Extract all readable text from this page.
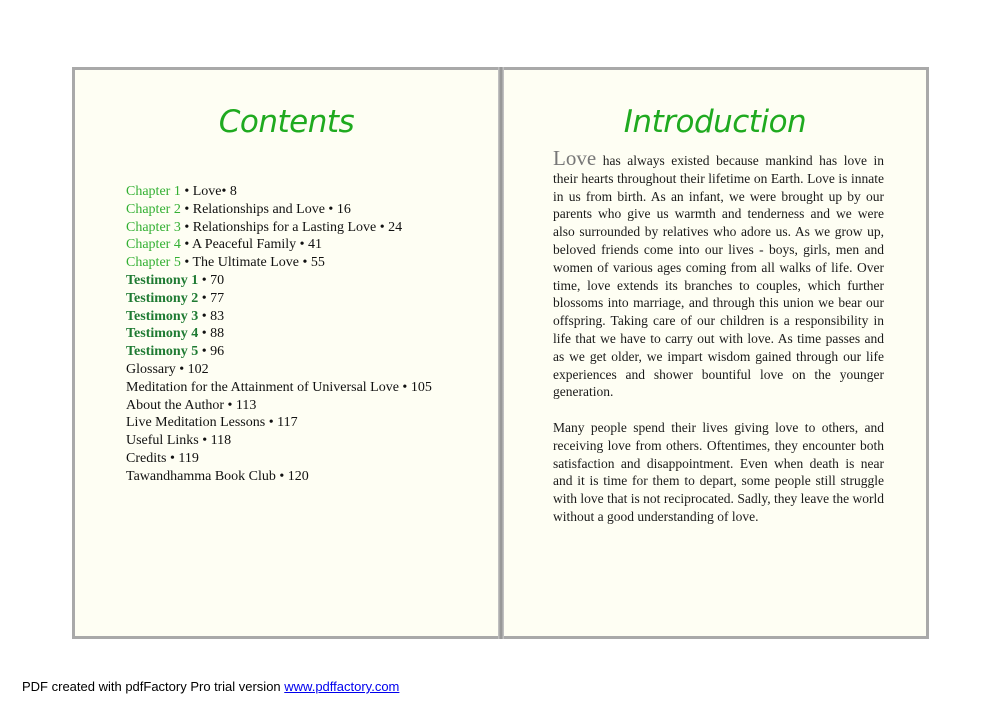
Contents
Chapter 1 • Love• 8
Chapter 2 • Relationships and Love • 16
Chapter 3 • Relationships for a Lasting Love • 24
Chapter 4 • A Peaceful Family • 41
Chapter 5 • The Ultimate Love • 55
Testimony 1 • 70
Testimony 2 • 77
Testimony 3 • 83
Testimony 4 • 88
Testimony 5 • 96
Glossary • 102
Meditation for the Attainment of Universal Love • 105
About the Author • 113
Live Meditation Lessons • 117
Useful Links • 118
Credits • 119
Tawandhamma Book Club • 120
Introduction

Love has always existed because mankind has love in their hearts throughout their lifetime on Earth. Love is innate in us from birth. As an infant, we were brought up by our parents who give us warmth and tenderness and we were also surrounded by relatives who adore us. As we grow up, beloved friends come into our lives - boys, girls, men and women of various ages coming from all walks of life. Over time, love extends its branches to couples, which further blossoms into marriage, and through this union we bear our offspring. Taking care of our children is a responsibility in life that we have to carry out with love. As time passes and as we get older, we impart wisdom gained through our life experiences and shower bountiful love on the younger generation.

Many people spend their lives giving love to others, and receiving love from others. Oftentimes, they encounter both satisfaction and disappointment. Even when death is near and it is time for them to depart, some people still struggle with love that is not reciprocated. Sadly, they leave the world without a good understanding of love.

PDF created with pdfFactory Pro trial version www.pdffactory.com
